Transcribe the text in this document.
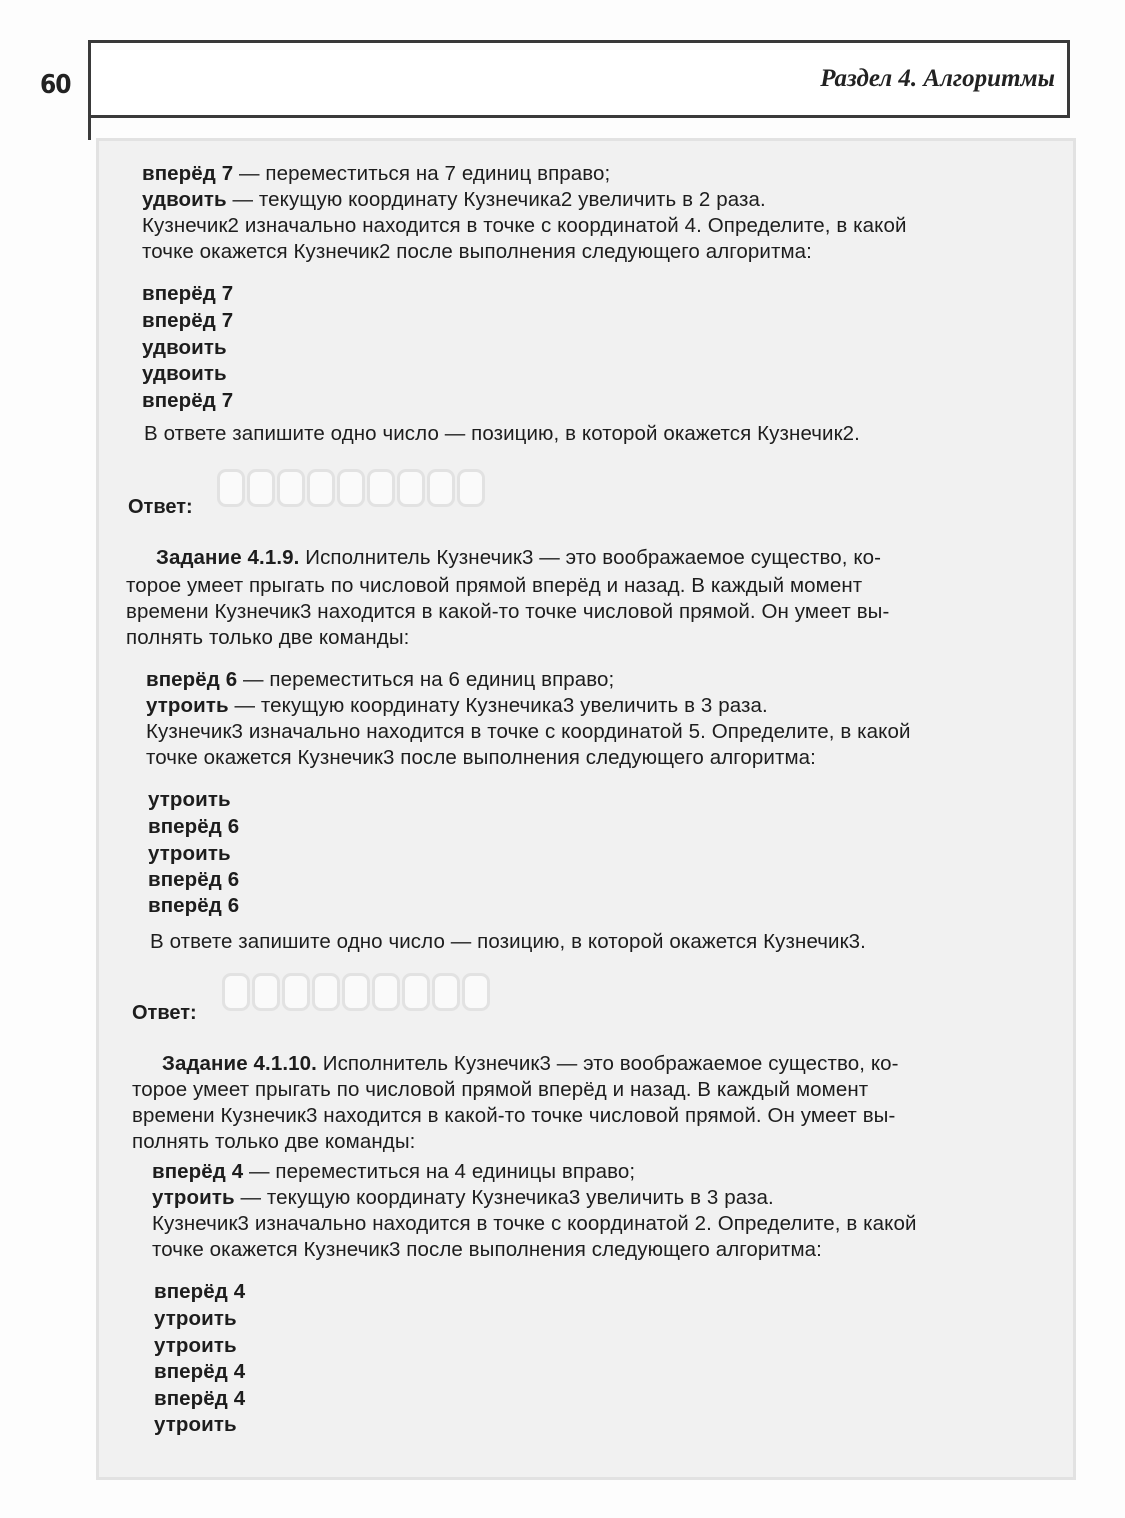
60	Раздел 4. Алгоритмы
вперёд 7 — переместиться на 7 единиц вправо;
удвоить — текущую координату Кузнечика2 увеличить в 2 раза.
Кузнечик2 изначально находится в точке с координатой 4. Определите, в какой
точке окажется Кузнечик2 после выполнения следующего алгоритма:
вперёд 7
вперёд 7
удвоить
удвоить
вперёд 7
В ответе запишите одно число — позицию, в которой окажется Кузнечик2.
Ответ:
Задание 4.1.9. Исполнитель Кузнечик3 — это воображаемое существо, ко-
торое умеет прыгать по числовой прямой вперёд и назад. В каждый момент
времени Кузнечик3 находится в какой-то точке числовой прямой. Он умеет вы-
полнять только две команды:
вперёд 6 — переместиться на 6 единиц вправо;
утроить — текущую координату Кузнечика3 увеличить в 3 раза.
Кузнечик3 изначально находится в точке с координатой 5. Определите, в какой
точке окажется Кузнечик3 после выполнения следующего алгоритма:
утроить
вперёд 6
утроить
вперёд 6
вперёд 6
В ответе запишите одно число — позицию, в которой окажется Кузнечик3.
Ответ:
Задание 4.1.10. Исполнитель Кузнечик3 — это воображаемое существо, ко-
торое умеет прыгать по числовой прямой вперёд и назад. В каждый момент
времени Кузнечик3 находится в какой-то точке числовой прямой. Он умеет вы-
полнять только две команды:
вперёд 4 — переместиться на 4 единицы вправо;
утроить — текущую координату Кузнечика3 увеличить в 3 раза.
Кузнечик3 изначально находится в точке с координатой 2. Определите, в какой
точке окажется Кузнечик3 после выполнения следующего алгоритма:
вперёд 4
утроить
утроить
вперёд 4
вперёд 4
утроить
